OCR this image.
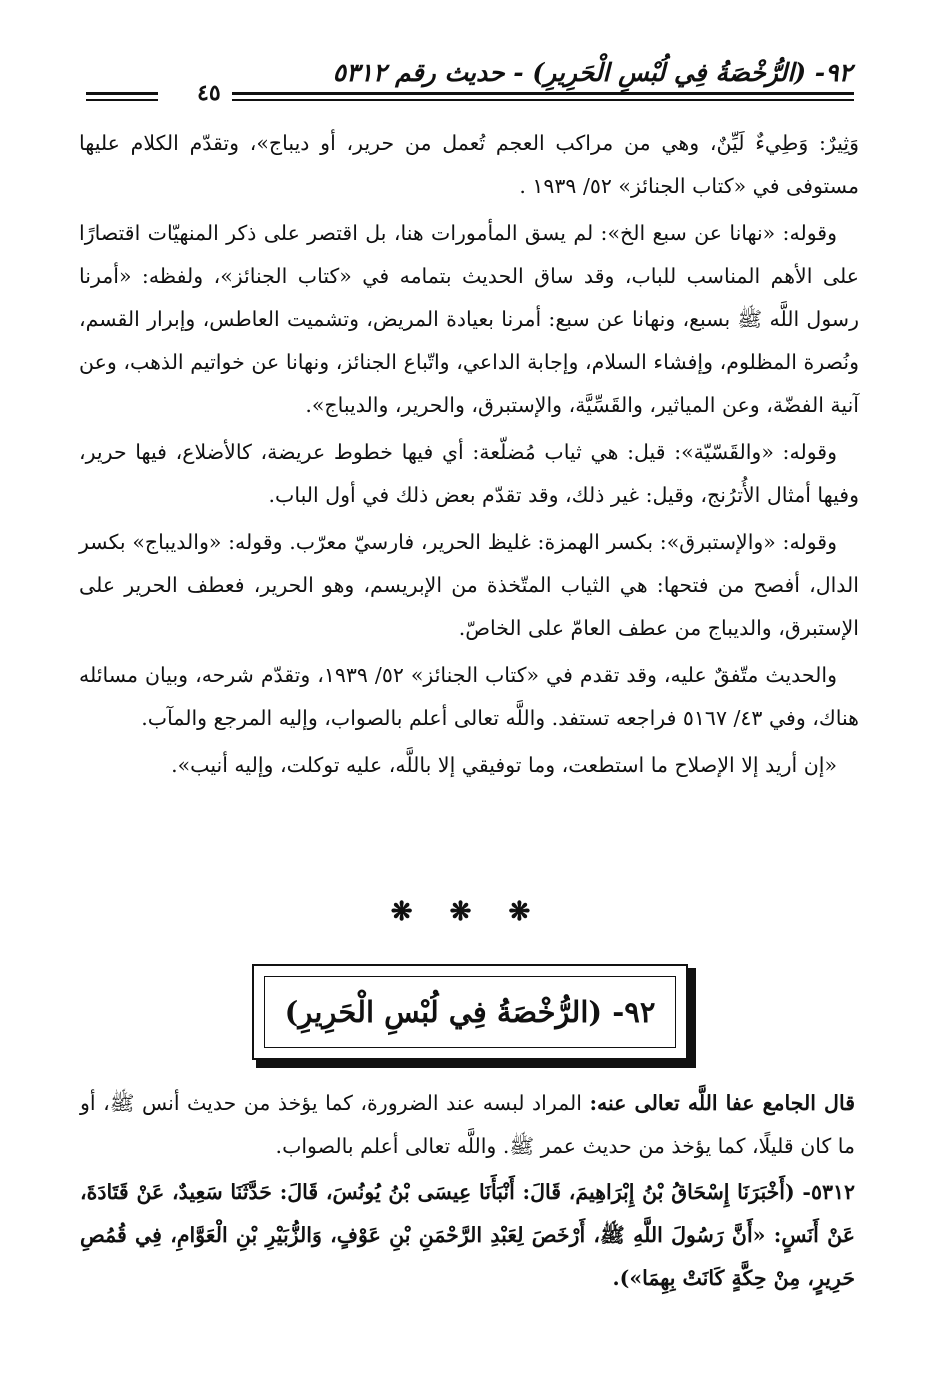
٩٢- (الرُّخْصَةُ فِي لُبْسِ الْحَرِيرِ) - حديث رقم ٥٣١٢
٤٥

وَثِيرٌ: وَطِيءٌ لَيِّنٌ، وهي من مراكب العجم تُعمل من حرير، أو ديباج»، وتقدّم الكلام عليها مستوفى في «كتاب الجنائز» ٥٢/ ١٩٣٩ .

وقوله: «نهانا عن سبع الخ»: لم يسق المأمورات هنا، بل اقتصر على ذكر المنهيّات اقتصارًا على الأهم المناسب للباب، وقد ساق الحديث بتمامه في «كتاب الجنائز»، ولفظه: «أمرنا رسول اللَّه ﷺ بسبع، ونهانا عن سبع: أمرنا بعيادة المريض، وتشميت العاطس، وإبرار القسم، ونُصرة المظلوم، وإفشاء السلام، وإجابة الداعي، واتّباع الجنائز، ونهانا عن خواتيم الذهب، وعن آنية الفضّة، وعن المياثير، والقَسِّيَّة، والإستبرق، والحرير، والديباج».

وقوله: «والقَسّيّة»: قيل: هي ثياب مُضلّعة: أي فيها خطوط عريضة، كالأضلاع، فيها حرير، وفيها أمثال الأُترُنج، وقيل: غير ذلك، وقد تقدّم بعض ذلك في أول الباب.

وقوله: «والإستبرق»: بكسر الهمزة: غليظ الحرير، فارسيّ معرّب. وقوله: «والديباج» بكسر الدال، أفصح من فتحها: هي الثياب المتّخذة من الإبريسم، وهو الحرير، فعطف الحرير على الإستبرق، والديباج من عطف العامّ على الخاصّ.

والحديث متّفقٌ عليه، وقد تقدم في «كتاب الجنائز» ٥٢/ ١٩٣٩، وتقدّم شرحه، وبيان مسائله هناك، وفي ٤٣/ ٥١٦٧ فراجعه تستفد. واللَّه تعالى أعلم بالصواب، وإليه المرجع والمآب.

«إن أريد إلا الإصلاح ما استطعت، وما توفيقي إلا باللَّه، عليه توكلت، وإليه أنيب».

❋ ❋ ❋
٩٢- (الرُّخْصَةُ فِي لُبْسِ الْحَرِيرِ)

قال الجامع عفا اللَّه تعالى عنه: المراد لبسه عند الضرورة، كما يؤخذ من حديث أنس ﷺ، أو ما كان قليلًا، كما يؤخذ من حديث عمر ﷺ. واللَّه تعالى أعلم بالصواب.

٥٣١٢- (أَخْبَرَنَا إِسْحَاقُ بْنُ إِبْرَاهِيمَ، قَالَ: أَنْبَأَنَا عِيسَى بْنُ يُونُسَ، قَالَ: حَدَّثَنَا سَعِيدٌ، عَنْ قَتَادَةَ، عَنْ أَنَسٍ: «أَنَّ رَسُولَ اللَّهِ ﷺ، أَرْخَصَ لِعَبْدِ الرَّحْمَنِ بْنِ عَوْفٍ، وَالزُّبَيْرِ بْنِ الْعَوَّامِ، فِي قُمُصِ حَرِيرٍ، مِنْ حِكَّةٍ كَانَتْ بِهِمَا»).
